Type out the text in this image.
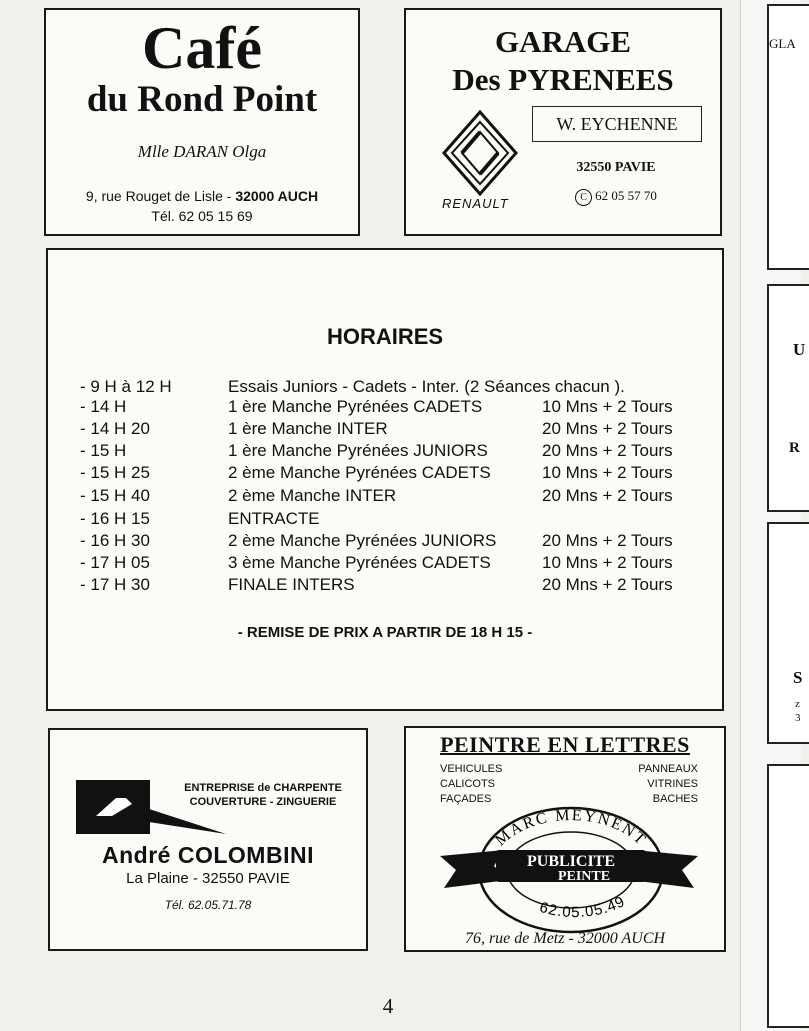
Café
du Rond Point
Mlle DARAN Olga
9, rue Rouget de Lisle - 32000 AUCH
Tél. 62 05 15 69
GARAGE
Des PYRENEES
RENAULT
W. EYCHENNE
32550 PAVIE
C 62 05 57 70
HORAIRES
- 9 H à 12 H	Essais Juniors - Cadets - Inter. (2 Séances chacun ).
- 14 H	1 ère Manche Pyrénées CADETS	10 Mns + 2 Tours
- 14 H 20	1 ère Manche INTER	20 Mns + 2 Tours
- 15 H	1 ère Manche Pyrénées JUNIORS	20 Mns + 2 Tours
- 15 H 25	2 ème Manche Pyrénées CADETS	10 Mns + 2 Tours
- 15 H 40	2 ème Manche INTER	20 Mns + 2 Tours
- 16 H 15	ENTRACTE
- 16 H 30	2 ème Manche Pyrénées JUNIORS	20 Mns + 2 Tours
- 17 H 05	3 ème Manche Pyrénées CADETS	10 Mns + 2 Tours
- 17 H 30	FINALE INTERS	20 Mns + 2 Tours
- REMISE DE PRIX A PARTIR DE 18 H 15 -
ENTREPRISE de CHARPENTE
COUVERTURE - ZINGUERIE
André COLOMBINI
La Plaine - 32550 PAVIE
Tél. 62.05.71.78
PEINTRE EN LETTRES
VEHICULES
CALICOTS
FAÇADES
PANNEAUX
VITRINES
BACHES
MARC MEYNENT
PUBLICITE
PEINTE
62.05.05.49
76, rue de Metz - 32000 AUCH
4
GLA
U
R
S
z
3
